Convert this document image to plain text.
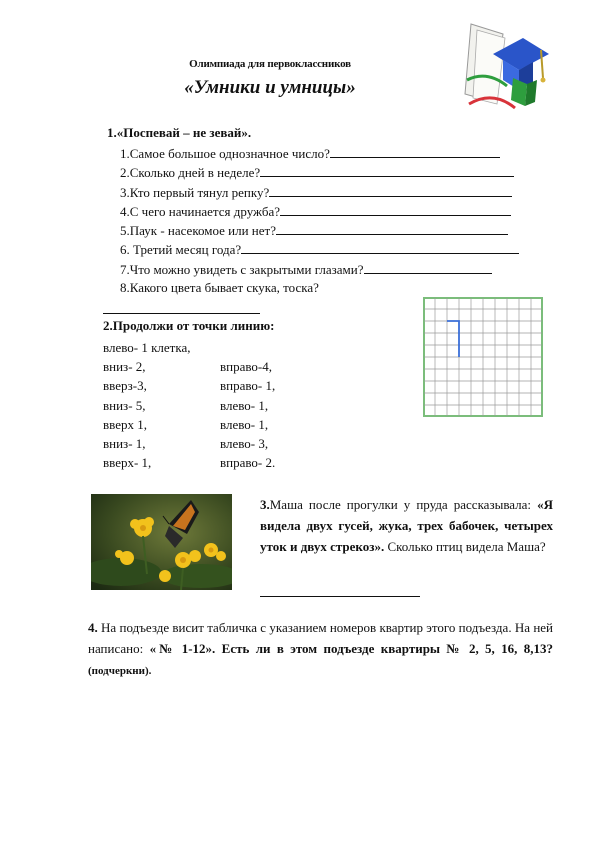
Олимпиада для первоклассников
«Умники и умницы»
1.«Поспевай – не зевай».
1.Самое большое однозначное число?
2.Сколько дней в неделе?
3.Кто первый тянул репку?
4.С чего начинается дружба?
5.Паук - насекомое или нет?
6. Третий месяц года?
7.Что можно увидеть с закрытыми глазами?
8.Какого цвета бывает скука, тоска?
2.Продолжи от точки линию:
влево- 1 клетка,
вниз- 2,
вверз-3,
вниз- 5,
вверх 1,
вниз- 1,
вверх- 1,
вправо-4,
вправо- 1,
влево- 1,
влево- 1,
влево- 3,
вправо- 2.
3.Маша после прогулки у пруда рассказывала: «Я видела двух гусей, жука, трех бабочек, четырех уток и двух стрекоз». Сколько птиц видела Маша?
4. На подъезде висит табличка с указанием номеров квартир этого подъезда. На ней написано: «№ 1-12». Есть ли в этом подъезде квартиры № 2, 5, 16, 8,13? (подчеркни).
